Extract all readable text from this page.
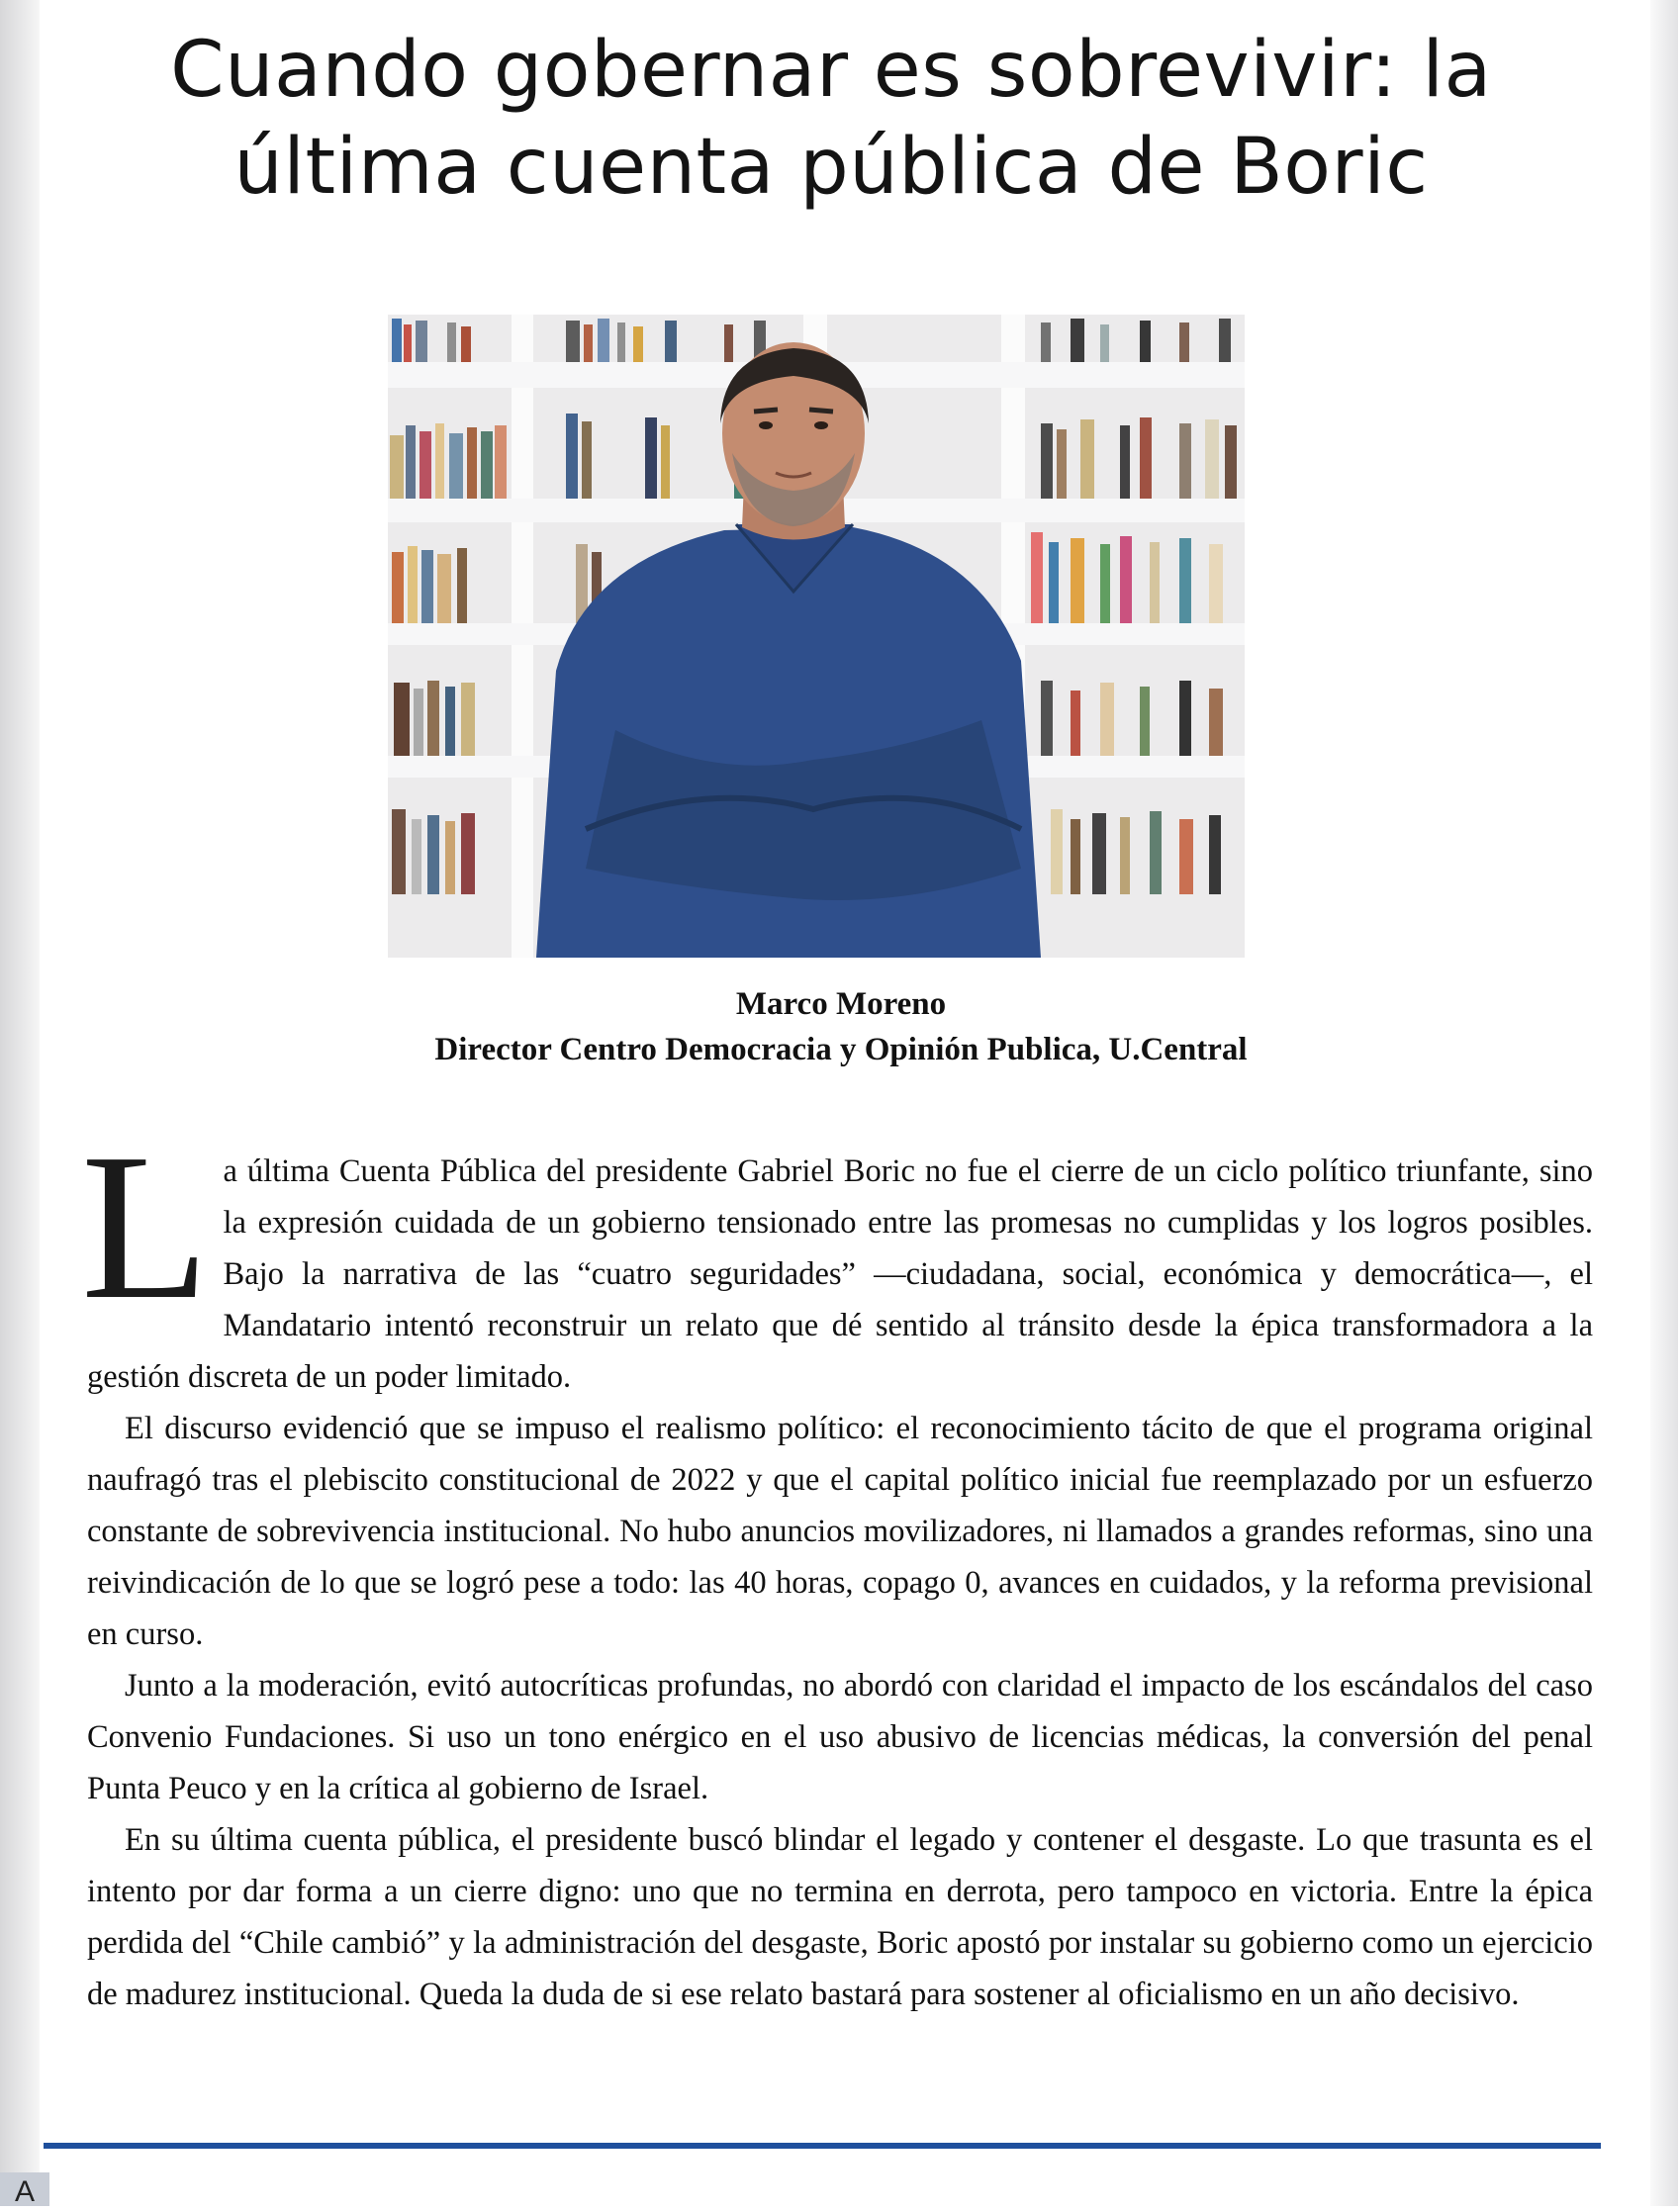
Cuando gobernar es sobrevivir: la
última cuenta pública de Boric
Marco Moreno
Director Centro Democracia y Opinión Publica, U.Central

La última Cuenta Pública del presidente Gabriel Boric no fue el cierre de un ciclo político triunfante, sino la expresión cuidada de un gobierno tensionado entre las promesas no cumplidas y los logros posibles. Bajo la narrativa de las “cuatro seguridades” —ciudadana, social, económica y democrática—, el Mandatario intentó reconstruir un relato que dé sentido al tránsito desde la épica transformadora a la gestión discreta de un poder limitado.

El discurso evidenció que se impuso el realismo político: el reconocimiento tácito de que el programa original naufragó tras el plebiscito constitucional de 2022 y que el capital político inicial fue reemplazado por un esfuerzo constante de sobrevivencia institucional. No hubo anuncios movilizadores, ni llamados a grandes reformas, sino una reivindicación de lo que se logró pese a todo: las 40 horas, copago 0, avances en cuidados, y la reforma previsional en curso.

Junto a la moderación, evitó autocríticas profundas, no abordó con claridad el impacto de los escándalos del caso Convenio Fundaciones. Si uso un tono enérgico en el uso abusivo de licencias médicas, la conversión del penal Punta Peuco y en la crítica al gobierno de Israel.

En su última cuenta pública, el presidente buscó blindar el legado y contener el desgaste. Lo que trasunta es el intento por dar forma a un cierre digno: uno que no termina en derrota, pero tampoco en victoria. Entre la épica perdida del “Chile cambió” y la administración del desgaste, Boric apostó por instalar su gobierno como un ejercicio de madurez institucional. Queda la duda de si ese relato bastará para sostener al oficialismo en un año decisivo.

A
